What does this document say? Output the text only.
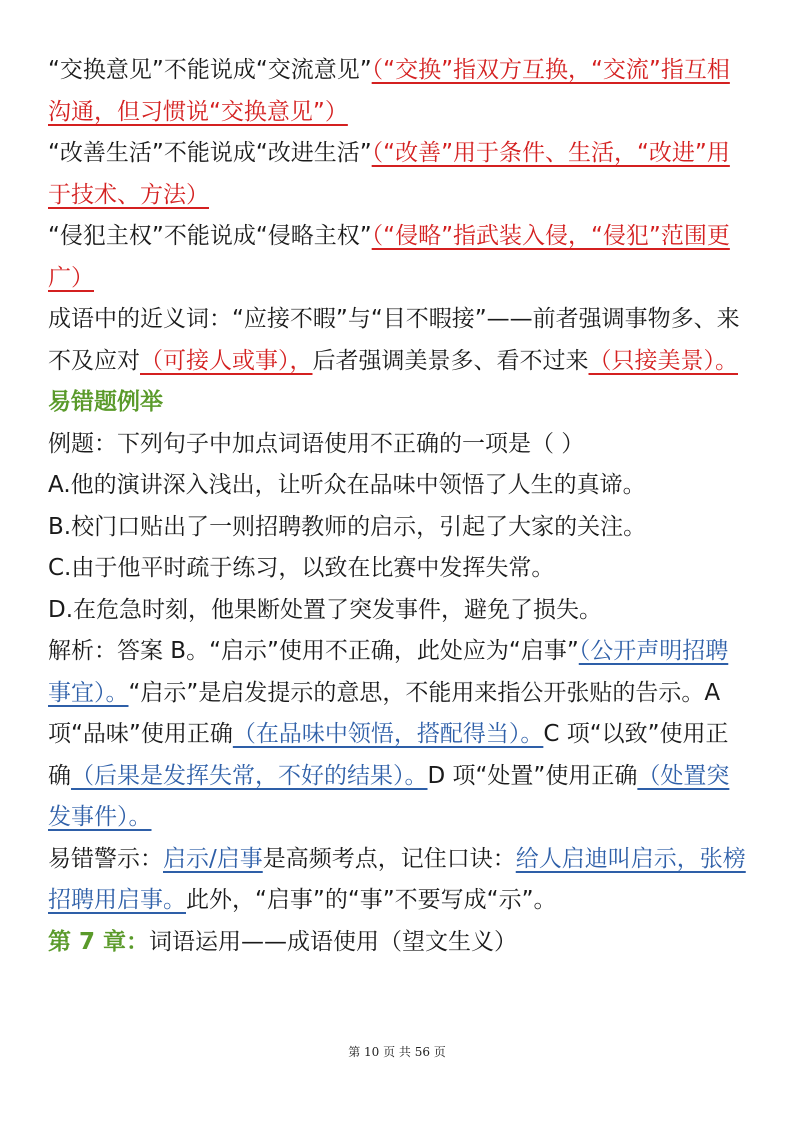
“交换意见”不能说成“交流意见”（“交换”指双方互换，“交流”指互相沟通，但习惯说“交换意见”）

“改善生活”不能说成“改进生活”（“改善”用于条件、生活，“改进”用于技术、方法）

“侵犯主权”不能说成“侵略主权”（“侵略”指武装入侵，“侵犯”范围更广）

成语中的近义词：“应接不暇”与“目不暇接”——前者强调事物多、来不及应对（可接人或事），后者强调美景多、看不过来（只接美景）。

易错题例举

例题：下列句子中加点词语使用不正确的一项是（ ）

A.他的演讲深入浅出，让听众在品味中领悟了人生的真谛。

B.校门口贴出了一则招聘教师的启示，引起了大家的关注。

C.由于他平时疏于练习，以致在比赛中发挥失常。

D.在危急时刻，他果断处置了突发事件，避免了损失。

解析：答案 B。“启示”使用不正确，此处应为“启事”（公开声明招聘事宜）。“启示”是启发提示的意思，不能用来指公开张贴的告示。A 项“品味”使用正确（在品味中领悟，搭配得当）。C 项“以致”使用正确（后果是发挥失常，不好的结果）。D 项“处置”使用正确（处置突发事件）。

易错警示：启示/启事是高频考点，记住口诀：给人启迪叫启示，张榜招聘用启事。此外，“启事”的“事”不要写成“示”。

第 7 章：词语运用——成语使用（望文生义）

第 10 页 共 56 页
